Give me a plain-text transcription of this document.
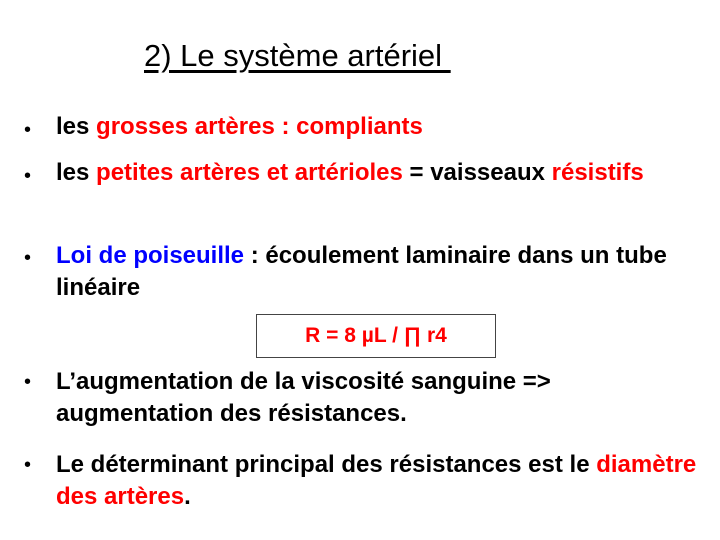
2) Le système artériel
• les grosses artères : compliants
• les petites artères et artérioles = vaisseaux résistifs
• Loi de poiseuille : écoulement laminaire dans un tube linéaire
R = 8 µL / ∏ r4
• L’augmentation de la viscosité sanguine => augmentation des résistances.
• Le déterminant principal des résistances est le diamètre des artères.
